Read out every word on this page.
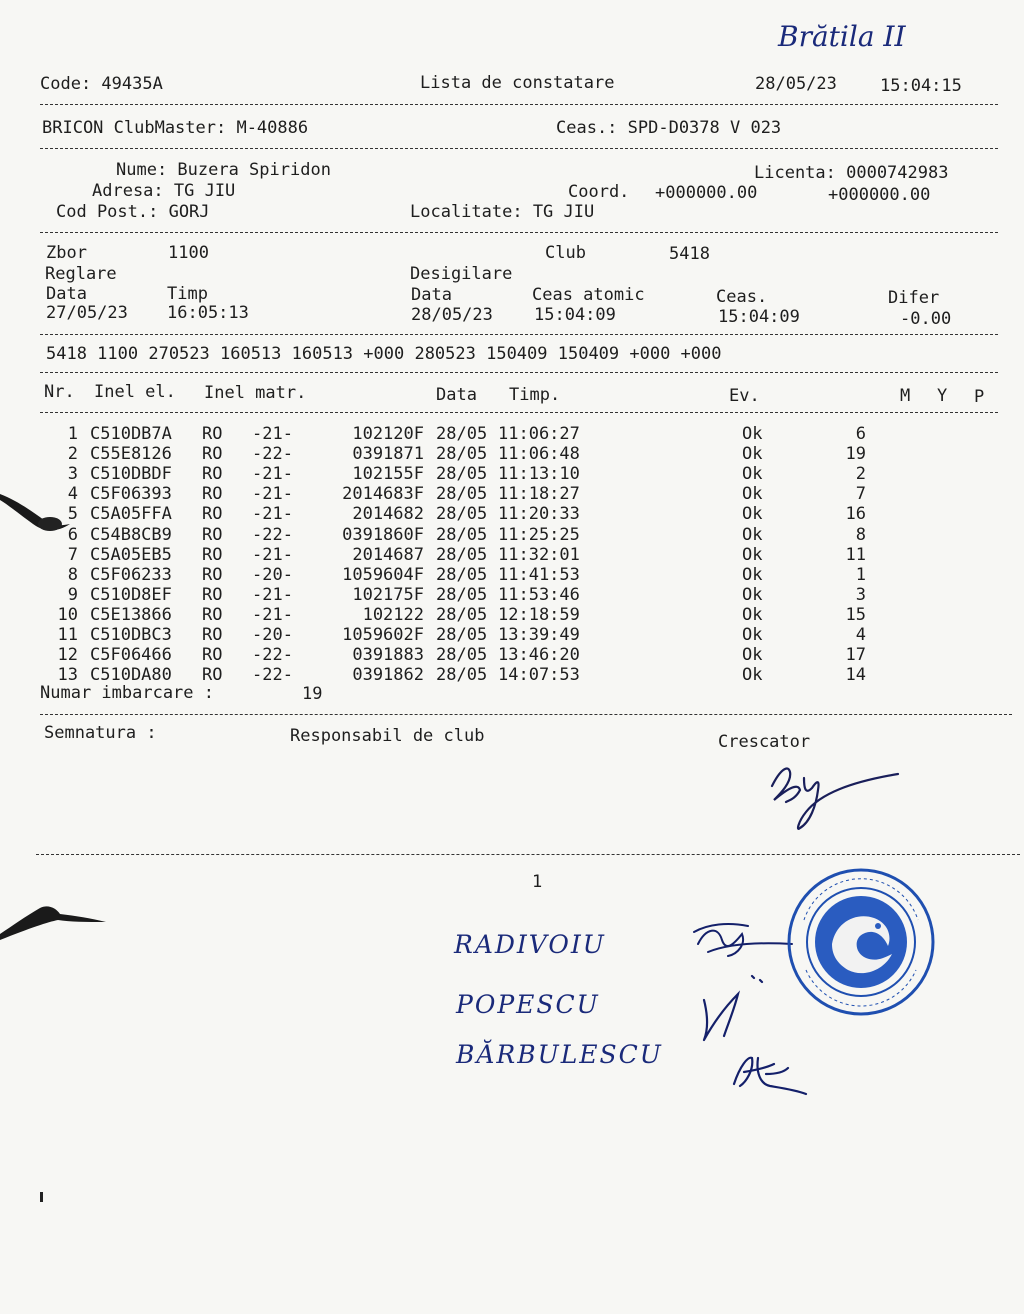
Brătila II
Code: 49435A	Lista de constatare	28/05/23	15:04:15
BRICON ClubMaster: M-40886	Ceas.: SPD-D0378 V 023
Nume: Buzera Spiridon	Licenta: 0000742983
Adresa: TG JIU	Coord. +000000.00	+000000.00
Cod Post.: GORJ	Localitate: TG JIU
Zbor	1100	Club	5418
Reglare	Desigilare
Data	Timp	Data	Ceas atomic	Ceas.	Difer
27/05/23 16:05:13	28/05/23 15:04:09	15:04:09	-0.00
5418 1100 270523 160513 160513 +000 280523 150409 150409 +000 +000
Nr. Inel el. Inel matr.	Data Timp.	Ev.	M Y P
1 C510DB7A RO -21-	102120F 28/05 11:06:27	Ok	6
2 C55E8126 RO -22-	0391871 28/05 11:06:48	Ok	19
3 C510DBDF RO -21-	102155F 28/05 11:13:10	Ok	2
4 C5F06393 RO -21-	2014683F 28/05 11:18:27	Ok	7
5 C5A05FFA RO -21-	2014682 28/05 11:20:33	Ok	16
6 C54B8CB9 RO -22-	0391860F 28/05 11:25:25	Ok	8
7 C5A05EB5 RO -21-	2014687 28/05 11:32:01	Ok	11
8 C5F06233 RO -20-	1059604F 28/05 11:41:53	Ok	1
9 C510D8EF RO -21-	102175F 28/05 11:53:46	Ok	3
10 C5E13866 RO -21-	102122 28/05 12:18:59	Ok	15
11 C510DBC3 RO -20-	1059602F 28/05 13:39:49	Ok	4
12 C5F06466 RO -22-	0391883 28/05 13:46:20	Ok	17
13 C510DA80 RO -22-	0391862 28/05 14:07:53	Ok	14
Numar imbarcare :	19
Semnatura :	Responsabil de club	Crescator
1
RADIVOIU
POPESCU
BĂRBULESCU
